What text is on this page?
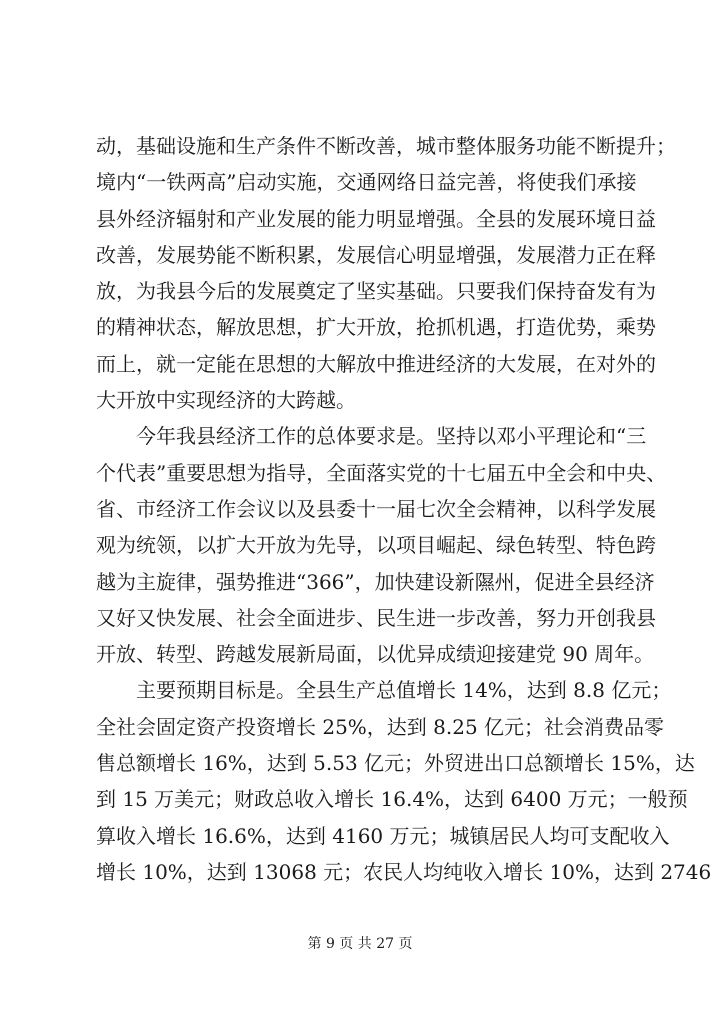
动，基础设施和生产条件不断改善，城市整体服务功能不断提升；
境内“一铁两高”启动实施，交通网络日益完善，将使我们承接
县外经济辐射和产业发展的能力明显增强。全县的发展环境日益
改善，发展势能不断积累，发展信心明显增强，发展潜力正在释
放，为我县今后的发展奠定了坚实基础。只要我们保持奋发有为
的精神状态，解放思想，扩大开放，抢抓机遇，打造优势，乘势
而上，就一定能在思想的大解放中推进经济的大发展，在对外的
大开放中实现经济的大跨越。
今年我县经济工作的总体要求是。坚持以邓小平理论和“三
个代表”重要思想为指导，全面落实党的十七届五中全会和中央、
省、市经济工作会议以及县委十一届七次全会精神，以科学发展
观为统领，以扩大开放为先导，以项目崛起、绿色转型、特色跨
越为主旋律，强势推进“366”，加快建设新隰州，促进全县经济
又好又快发展、社会全面进步、民生进一步改善，努力开创我县
开放、转型、跨越发展新局面，以优异成绩迎接建党 90 周年。
主要预期目标是。全县生产总值增长 14%，达到 8.8 亿元；
全社会固定资产投资增长 25%，达到 8.25 亿元；社会消费品零
售总额增长 16%，达到 5.53 亿元；外贸进出口总额增长 15%，达
到 15 万美元；财政总收入增长 16.4%，达到 6400 万元；一般预
算收入增长 16.6%，达到 4160 万元；城镇居民人均可支配收入
增长 10%，达到 13068 元；农民人均纯收入增长 10%，达到 2746
第 9 页 共 27 页
